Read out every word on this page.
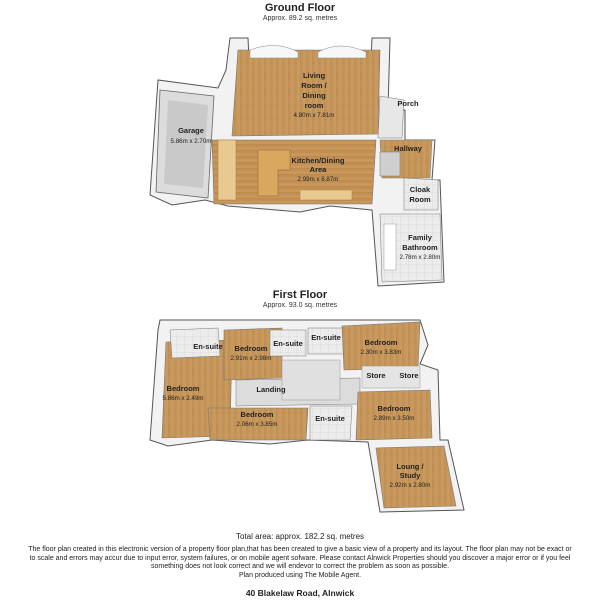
Ground Floor
Approx. 89.2 sq. metres
First Floor
Approx. 93.0 sq. metres
Living
Room /
Dining
room
4.80m x 7.81m
Garage
5.86m x 2.70m
Porch
Hallway
Kitchen/Dining
Area
2.99m x 6.87m
Cloak
Room
Family
Bathroom
2.78m x 2.80m
En-suite Bedroom
2.91m x 2.98m
En-suite
En-suite
Bedroom
2.30m x 3.83m
Landing
Store Store
Bedroom
5.86m x 2.49m
Bedroom
2.06m x 3.85m
En-suite
Bedroom
2.89m x 3.50m
Loung /
Study
2.92m x 2.80m
Total area: approx. 182.2 sq. metres
The floor plan created in this electronic version of a property floor plan,that has been created to give a basic view of a property and its layout. The floor plan may not be exact or
to scale and errors may accur due to input error, system failures, or on mobile agent sofware. Please contact Alnwick Properties should you discover a major error or if you feel
something does not look correct and we will endevor to correct the problem as soon as possible.
Plan produced using The Mobile Agent.
40 Blakelaw Road, Alnwick
